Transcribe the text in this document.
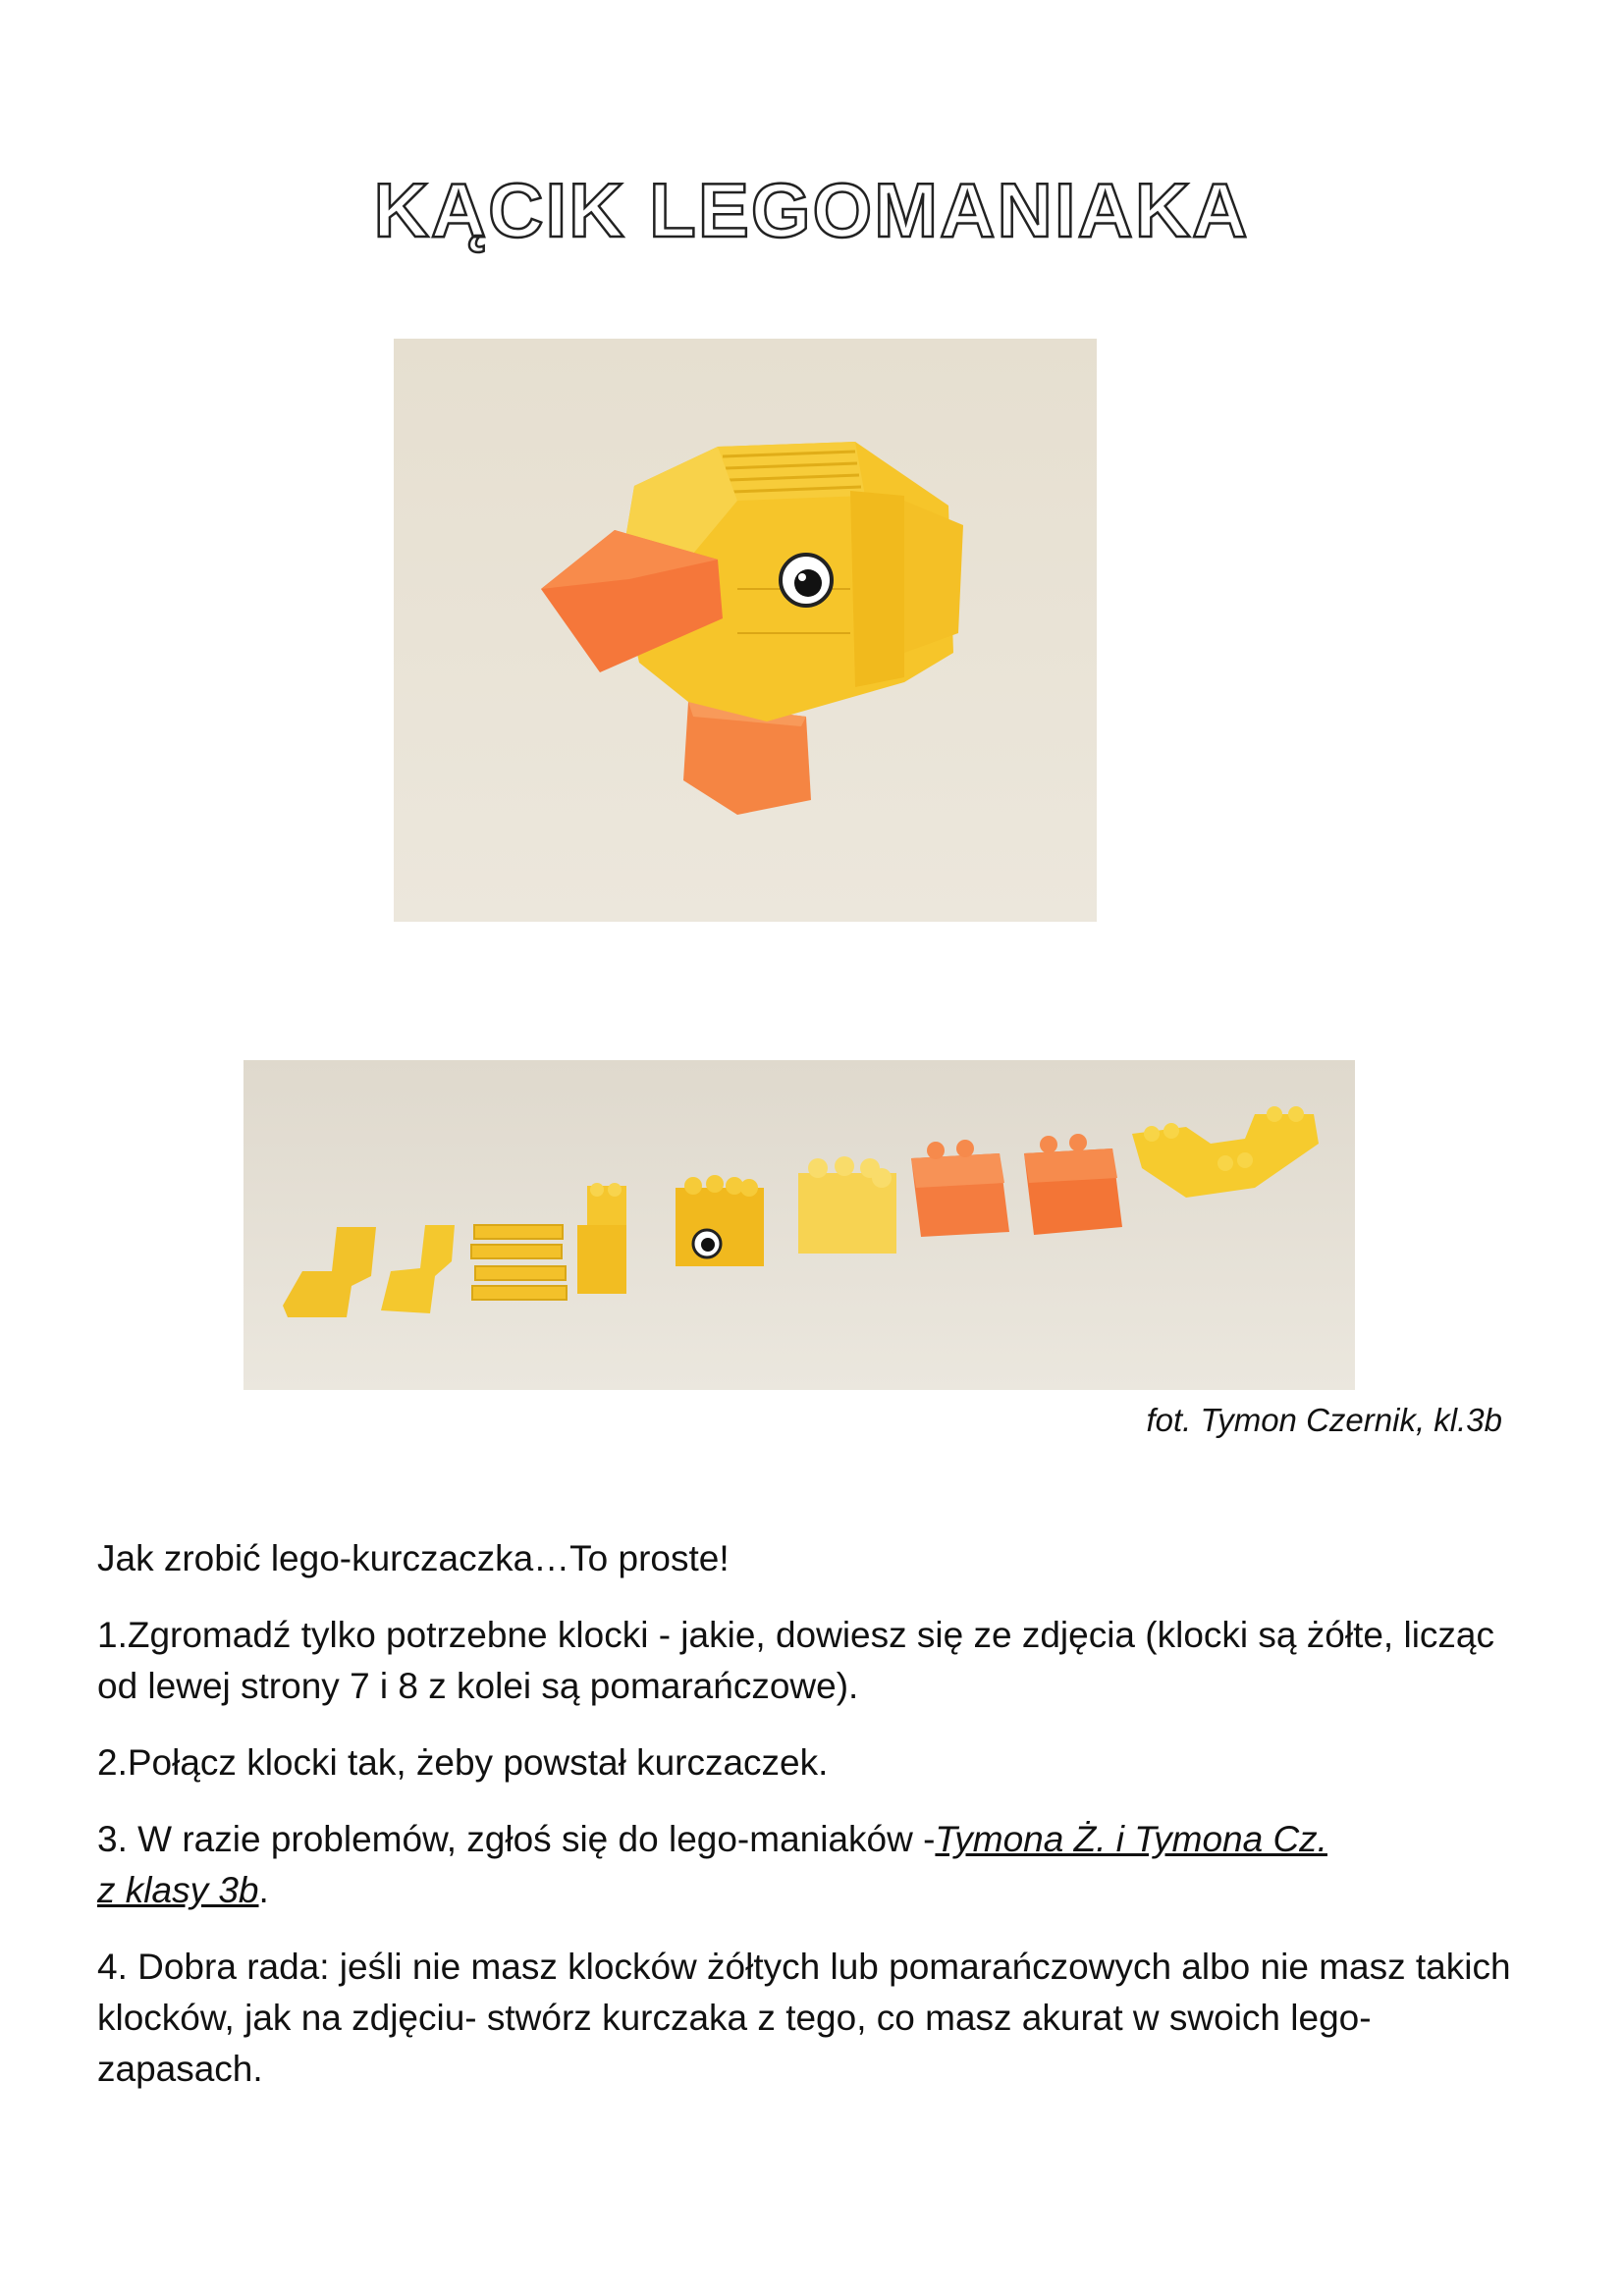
KĄCIK LEGOMANIAKA
fot. Tymon Czernik, kl.3b

Jak zrobić lego-kurczaczka…To proste!

1.Zgromadź tylko potrzebne klocki - jakie, dowiesz się ze zdjęcia (klocki są żółte, licząc od lewej strony 7 i 8 z kolei są pomarańczowe).

2.Połącz klocki tak, żeby powstał kurczaczek.

3. W razie problemów, zgłoś się do lego-maniaków -Tymona Ż. i Tymona Cz.
z klasy 3b.

4. Dobra rada: jeśli nie masz klocków żółtych lub pomarańczowych albo nie masz takich klocków, jak na zdjęciu- stwórz kurczaka z tego, co masz akurat w swoich lego-zapasach.
